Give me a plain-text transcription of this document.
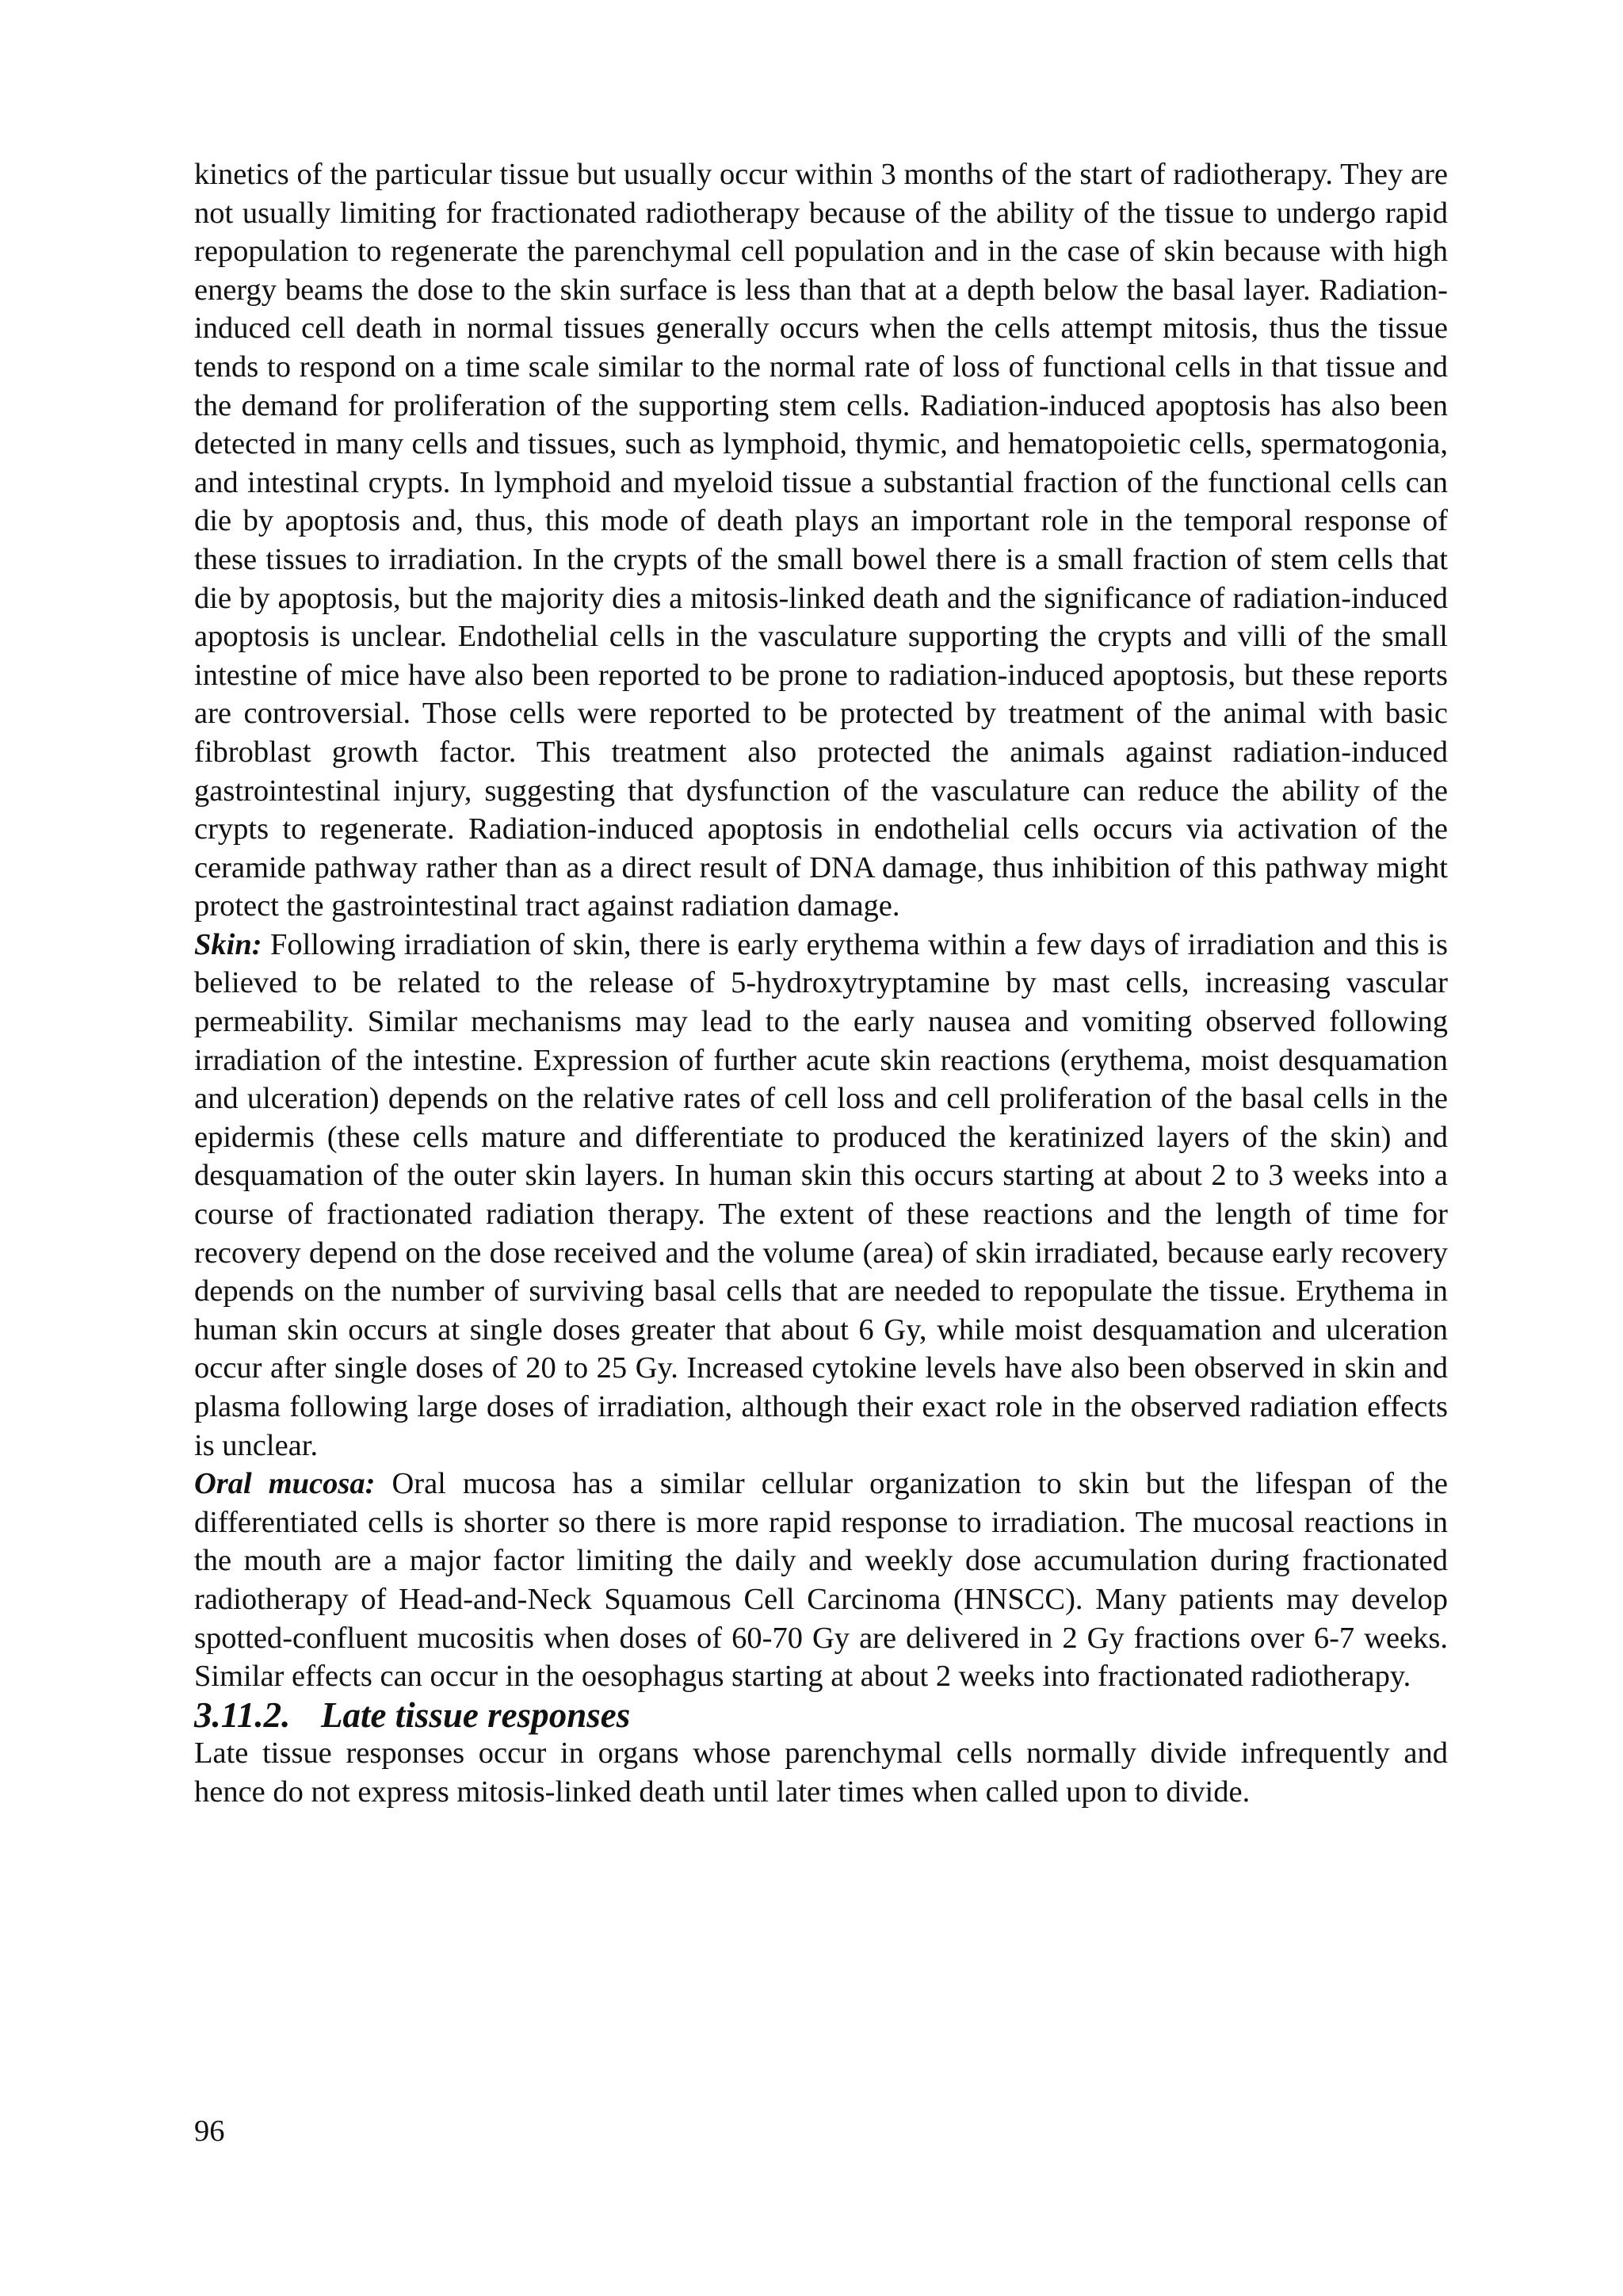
kinetics of the particular tissue but usually occur within 3 months of the start of radiotherapy. They are not usually limiting for fractionated radiotherapy because of the ability of the tissue to undergo rapid repopulation to regenerate the parenchymal cell population and in the case of skin because with high energy beams the dose to the skin surface is less than that at a depth below the basal layer. Radiation-induced cell death in normal tissues generally occurs when the cells attempt mitosis, thus the tissue tends to respond on a time scale similar to the normal rate of loss of functional cells in that tissue and the demand for proliferation of the supporting stem cells. Radiation-induced apoptosis has also been detected in many cells and tissues, such as lymphoid, thymic, and hematopoietic cells, spermatogonia, and intestinal crypts. In lymphoid and myeloid tissue a substantial fraction of the functional cells can die by apoptosis and, thus, this mode of death plays an important role in the temporal response of these tissues to irradiation. In the crypts of the small bowel there is a small fraction of stem cells that die by apoptosis, but the majority dies a mitosis-linked death and the significance of radiation-induced apoptosis is unclear. Endothelial cells in the vasculature supporting the crypts and villi of the small intestine of mice have also been reported to be prone to radiation-induced apoptosis, but these reports are controversial. Those cells were reported to be protected by treatment of the animal with basic fibroblast growth factor. This treatment also protected the animals against radiation-induced gastrointestinal injury, suggesting that dysfunction of the vasculature can reduce the ability of the crypts to regenerate. Radiation-induced apoptosis in endothelial cells occurs via activation of the ceramide pathway rather than as a direct result of DNA damage, thus inhibition of this pathway might protect the gastrointestinal tract against radiation damage.

Skin: Following irradiation of skin, there is early erythema within a few days of irradiation and this is believed to be related to the release of 5-hydroxytryptamine by mast cells, increasing vascular permeability. Similar mechanisms may lead to the early nausea and vomiting observed following irradiation of the intestine. Expression of further acute skin reactions (erythema, moist desquamation and ulceration) depends on the relative rates of cell loss and cell proliferation of the basal cells in the epidermis (these cells mature and differentiate to produced the keratinized layers of the skin) and desquamation of the outer skin layers. In human skin this occurs starting at about 2 to 3 weeks into a course of fractionated radiation therapy. The extent of these reactions and the length of time for recovery depend on the dose received and the volume (area) of skin irradiated, because early recovery depends on the number of surviving basal cells that are needed to repopulate the tissue. Erythema in human skin occurs at single doses greater that about 6 Gy, while moist desquamation and ulceration occur after single doses of 20 to 25 Gy. Increased cytokine levels have also been observed in skin and plasma following large doses of irradiation, although their exact role in the observed radiation effects is unclear.

Oral mucosa: Oral mucosa has a similar cellular organization to skin but the lifespan of the differentiated cells is shorter so there is more rapid response to irradiation. The mucosal reactions in the mouth are a major factor limiting the daily and weekly dose accumulation during fractionated radiotherapy of Head-and-Neck Squamous Cell Carcinoma (HNSCC). Many patients may develop spotted-confluent mucositis when doses of 60-70 Gy are delivered in 2 Gy fractions over 6-7 weeks. Similar effects can occur in the oesophagus starting at about 2 weeks into fractionated radiotherapy.

3.11.2. Late tissue responses

Late tissue responses occur in organs whose parenchymal cells normally divide infrequently and hence do not express mitosis-linked death until later times when called upon to divide.

96
